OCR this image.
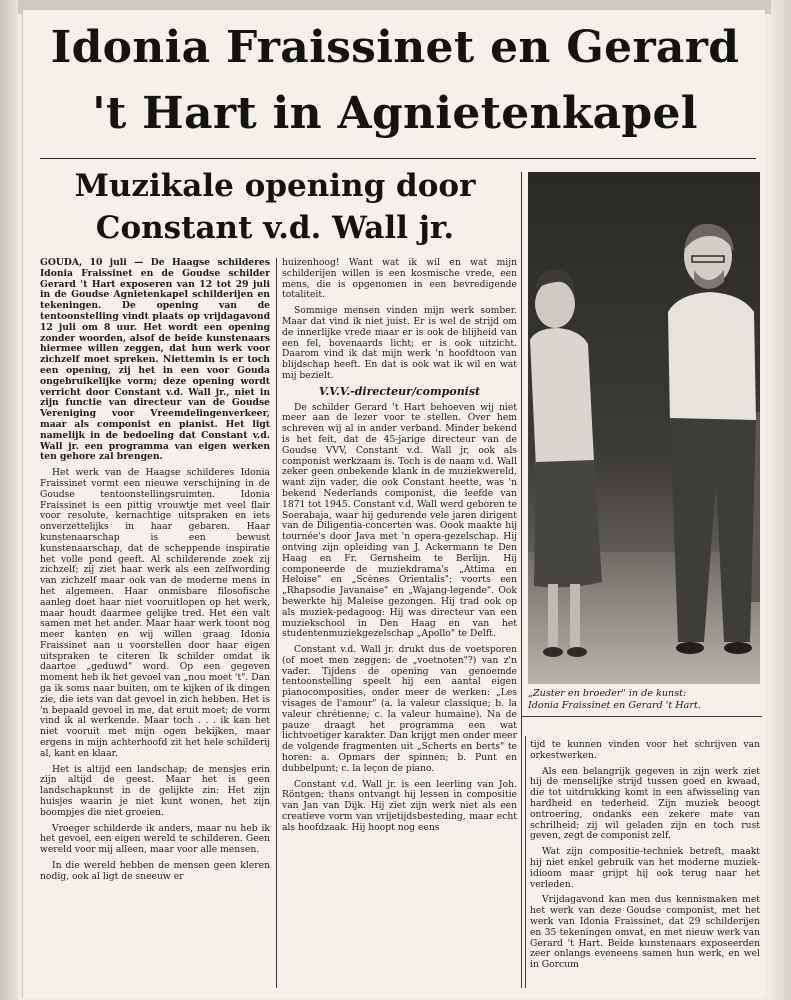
Idonia Fraissinet en Gerard
't Hart in Agnietenkapel
Muzikale opening door
Constant v.d. Wall jr.

GOUDA, 10 juli — De Haagse schilderes Idonia Fraissinet en de Goudse schilder Gerard 't Hart exposeren van 12 tot 29 juli in de Goudse Agnietenkapel schilderijen en tekeningen. De opening van de tentoonstelling vindt plaats op vrijdagavond 12 juli om 8 uur. Het wordt een opening zonder woorden, alsof de beide kunstenaars hiermee willen zeggen, dat hun werk voor zichzelf moet spreken. Niettemin is er toch een opening, zij het in een voor Gouda ongebruikelijke vorm; deze opening wordt verricht door Constant v.d. Wall jr., niet in zijn functie van directeur van de Goudse Vereniging voor Vreemdelingenverkeer, maar als componist en pianist. Het ligt namelijk in de bedoeling dat Constant v.d. Wall jr. een programma van eigen werken ten gehore zal brengen.

Het werk van de Haagse schilderes Idonia Fraissinet vormt een nieuwe verschijning in de Goudse tentoonstellingsruimten. Idonia Fraissinet is een pittig vrouwtje met veel flair voor resolute, kernachtige uitspraken en iets onverzettelijks in haar gebaren. Haar kunstenaarschap is een bewust kunstenaarschap, dat de scheppende inspiratie het volle pond geeft. Al schilderende zoek zij zichzelf; zij ziet haar werk als een zelfwording van zichzelf maar ook van de moderne mens in het algemeen. Haar onmisbare filosofische aanleg doet haar niet vooruitlopen op het werk, maar houdt daarmee gelijke tred. Het een valt samen met het ander. Maar haar werk toont nog meer kanten en wij willen graag Idonia Fraissinet aan u voorstellen door haar eigen uitspraken te citeren Ik schilder omdat ik daartoe „geduwd" word. Op een gegeven moment heb ik het gevoel van „nou moet 't". Dan ga ik soms naar buiten, om te kijken of ik dingen zie, die iets van dat gevoel in zich hebben. Het is 'n bepaald gevoel in me, dat eruit moet; de vorm vind ik al werkende. Maar toch . . . ik kan het niet vooruit met mijn ogen bekijken, maar ergens in mijn achterhoofd zit het hele schilderij al, kant en klaar.

Het is altijd een landschap; de mensjes erin zijn altijd de geest. Maar het is geen landschapkunst in de gelijkte zin: Het zijn huisjes waarin je niet kunt wonen, het zijn boompjes die niet groeien.

Vroeger schilderde ik anders, maar nu heb ik het gevoel, een eigen wereld te schilderen. Geen wereld voor mij alleen, maar voor alle mensen.

In die wereld hebben de mensen geen kleren nodig, ook al ligt de sneeuw er

huizenhoog! Want wat ik wil en wat mijn schilderijen willen is een kosmische vrede, een mens, die is opgenomen in een bevredigende totaliteit.

Sommige mensen vinden mijn werk somber. Maar dat vind ik niet juist. Er is wel de strijd om de innerlijke vrede maar er is ook de blijheid van een fel, bovenaards licht; er is ook uitzicht. Daarom vind ik dat mijn werk 'n hoofdtoon van blijdschap heeft. En dat is ook wat ik wil en wat mij bezielt.

V.V.V.-directeur/componist

De schilder Gerard 't Hart behoeven wij niet meer aan de lezer voor te stellen. Over hem schreven wij al in ander verband. Minder bekend is het feit, dat de 45-jarige directeur van de Goudse VVV, Constant v.d. Wall jr, ook als componist werkzaam is. Toch is de naam v.d. Wall zeker geen onbekende klank in de muziekwereld, want zijn vader, die ook Constant heette, was 'n bekend Nederlands componist, die leefde van 1871 tot 1945. Constant v.d. Wall werd geboren te Soerabaja, waar hij gedurende vele jaren dirigent van de Diligentia-concerten was. Oook maakte hij tournée's door Java met 'n opera-gezelschap. Hij ontving zijn opleiding van J. Ackermann te Den Haag en Fr. Gernsheim te Berlijn. Hij componeerde de muziekdrama's „Attima en Heloise" en „Scènes Orientalis"; voorts een „Rhapsodie Javanaise" en „Wajang-legende". Ook bewerkte hij Maleise gezongen. Hij trad ook op als muziek-pedagoog: Hij was directeur van een muziekschool in Den Haag en van het studentenmuziekgezelschap „Apollo" te Delft.

Constant v.d. Wall jr. drukt dus de voetsporen (of moet men zeggen: de „voetnoten"?) van z'n vader. Tijdens de opening van genoemde tentoonstelling speelt hij een aantal eigen pianocomposities, onder meer de werken: „Les visages de l'amour" (a. la valeur classique; b. la valeur chrétienne; c. la valeur humaine). Na de pauze draagt het programma een wat lichtvoetiger karakter. Dan krijgt men onder meer de volgende fragmenten uit „Scherts en berts" te horen: a. Opmars der spinnen; b. Punt en dubbelpunt; c. la leçon de piano.

Constant v.d. Wall jr. is een leerling van Joh. Röntgen; thans ontvangt hij lessen in compositie van Jan van Dijk. Hij ziet zijn werk niet als een creatieve vorm van vrijetijdsbesteding, maar echt als hoofdzaak. Hij hoopt nog eens

„Zuster en broeder" in de kunst:
Idonia Fraissinet en Gerard 't Hart.

tijd te kunnen vinden voor het schrijven van orkestwerken.

Als een belangrijk gegeven in zijn werk ziet hij de menselijke strijd tussen goed en kwaad, die tot uitdrukking komt in een afwisseling van hardheid en tederheid. Zijn muziek beoogt ontroering, ondanks een zekere mate van schrilheid; zij wil geladen zijn en toch rust geven, zegt de componist zelf.

Wat zijn compositie-techniek betreft, maakt hij niet enkel gebruik van het moderne muziek-idioom maar grijpt hij ook terug naar het verleden.

Vrijdagavond kan men dus kennismaken met het werk van deze Goudse componist, met het werk van Idonia Fraissinet, dat 29 schilderijen en 35 tekeningen omvat, en met nieuw werk van Gerard 't Hart. Beide kunstenaars exposeerden zeer onlangs eveneens samen hun werk, en wel in Gorcum
